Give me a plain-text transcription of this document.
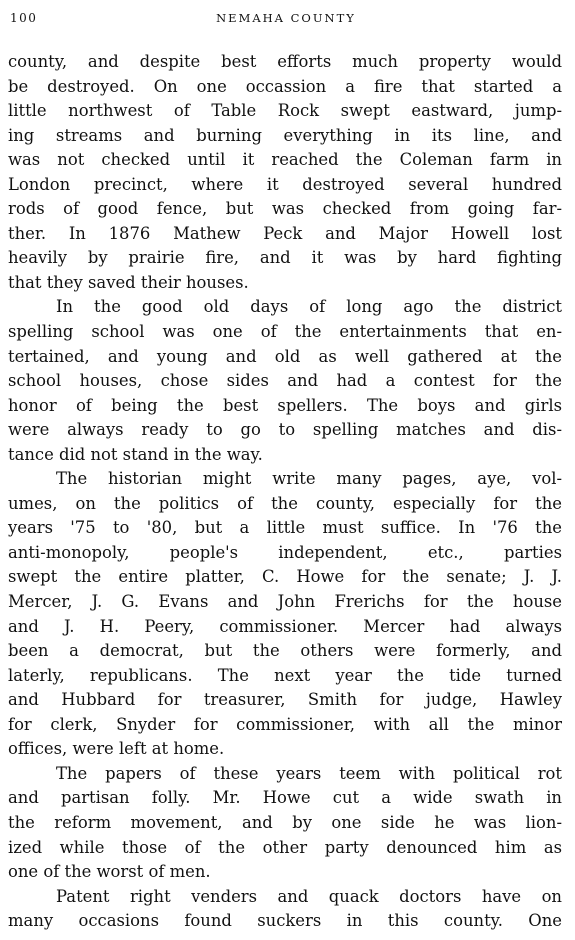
100	NEMAHA COUNTY
county, and despite best efforts much property would
be destroyed. On one occassion a fire that started a
little northwest of Table Rock swept eastward, jump-
ing streams and burning everything in its line, and
was not checked until it reached the Coleman farm in
London precinct, where it destroyed several hundred
rods of good fence, but was checked from going far-
ther. In 1876 Mathew Peck and Major Howell lost
heavily by prairie fire, and it was by hard fighting
that they saved their houses.
In the good old days of long ago the district
spelling school was one of the entertainments that en-
tertained, and young and old as well gathered at the
school houses, chose sides and had a contest for the
honor of being the best spellers. The boys and girls
were always ready to go to spelling matches and dis-
tance did not stand in the way.
The historian might write many pages, aye, vol-
umes, on the politics of the county, especially for the
years '75 to '80, but a little must suffice. In '76 the
anti-monopoly, people's independent, etc., parties
swept the entire platter, C. Howe for the senate; J. J.
Mercer, J. G. Evans and John Frerichs for the house
and J. H. Peery, commissioner. Mercer had always
been a democrat, but the others were formerly, and
laterly, republicans. The next year the tide turned
and Hubbard for treasurer, Smith for judge, Hawley
for clerk, Snyder for commissioner, with all the minor
offices, were left at home.
The papers of these years teem with political rot
and partisan folly. Mr. Howe cut a wide swath in
the reform movement, and by one side he was lion-
ized while those of the other party denounced him as
one of the worst of men.
Patent right venders and quack doctors have on
many occasions found suckers in this county. One
